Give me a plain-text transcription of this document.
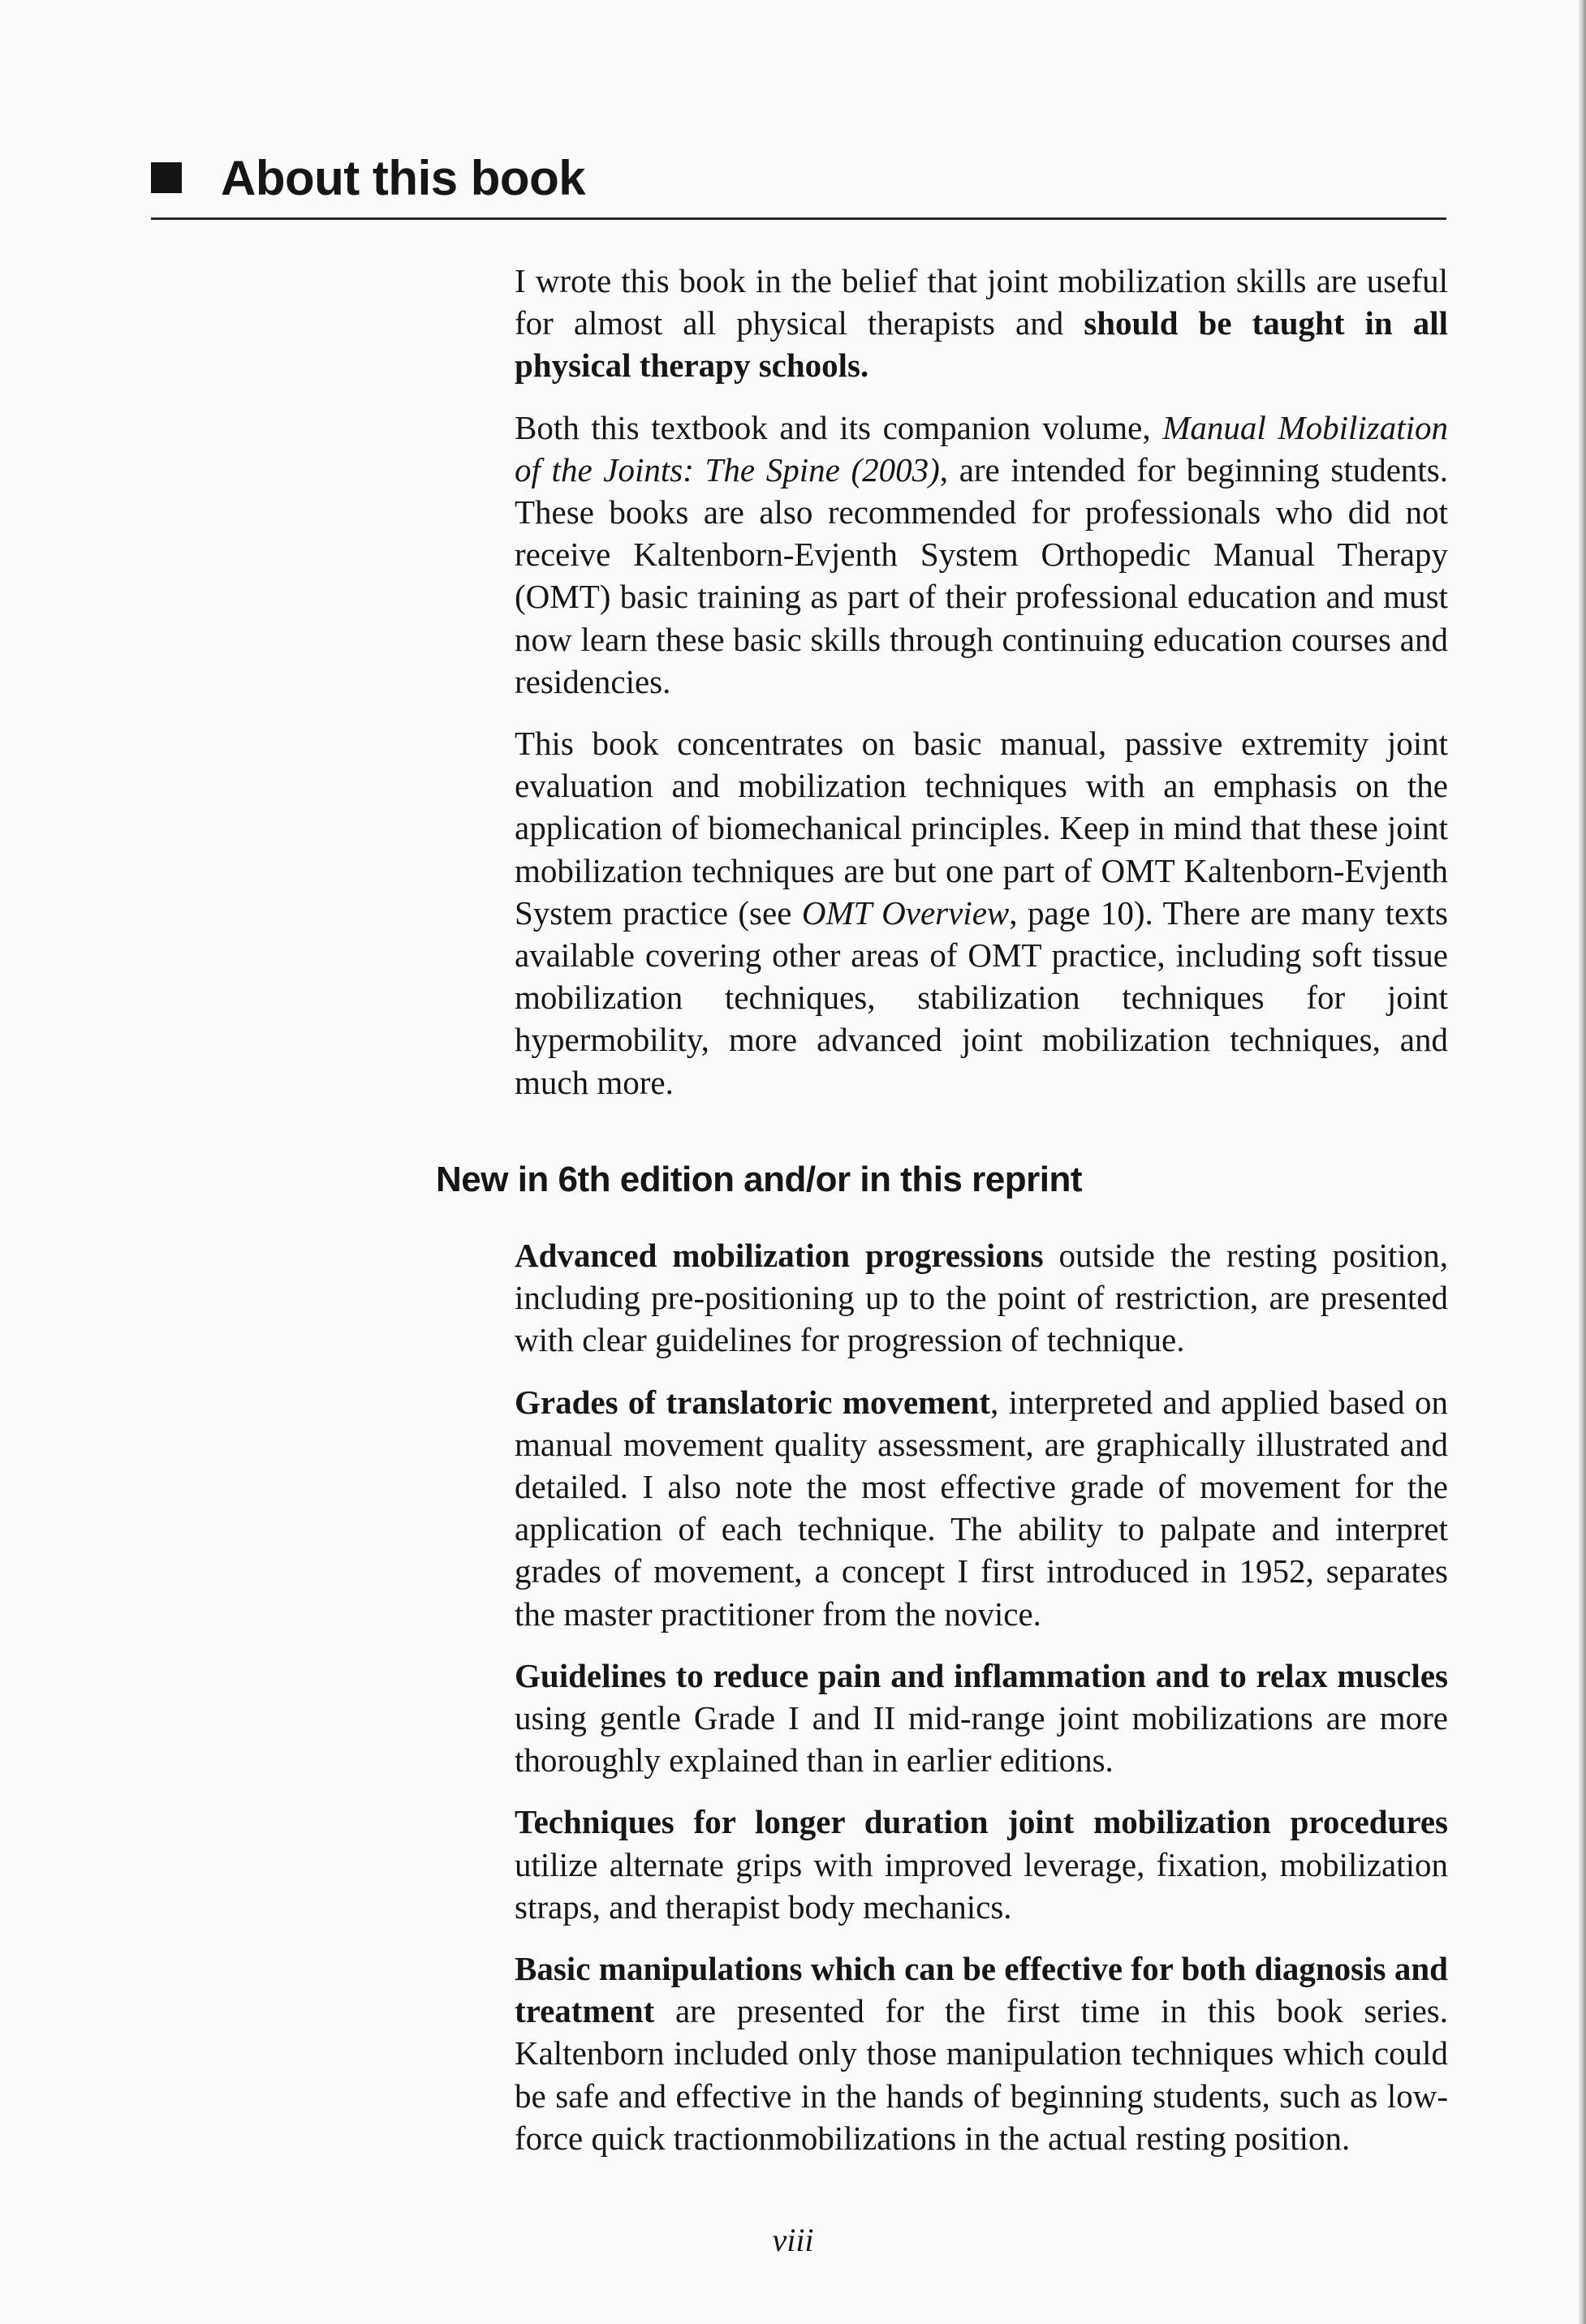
About this book

I wrote this book in the belief that joint mobilization skills are useful for almost all physical therapists and should be taught in all physical therapy schools.

Both this textbook and its companion volume, Manual Mobilization of the Joints: The Spine (2003), are intended for beginning students. These books are also recommended for professionals who did not receive Kaltenborn-Evjenth System Orthopedic Manual Therapy (OMT) basic training as part of their professional education and must now learn these basic skills through continuing education courses and residencies.

This book concentrates on basic manual, passive extremity joint evaluation and mobilization techniques with an emphasis on the application of biomechanical principles. Keep in mind that these joint mobilization techniques are but one part of OMT Kaltenborn-Evjenth System practice (see OMT Overview, page 10). There are many texts available covering other areas of OMT practice, including soft tissue mobilization techniques, stabilization techniques for joint hypermobility, more advanced joint mobilization techniques, and much more.

New in 6th edition and/or in this reprint

Advanced mobilization progressions outside the resting position, including pre-positioning up to the point of restriction, are presented with clear guidelines for progression of technique.

Grades of translatoric movement, interpreted and applied based on manual movement quality assessment, are graphically illustrated and detailed. I also note the most effective grade of movement for the application of each technique. The ability to palpate and interpret grades of movement, a concept I first introduced in 1952, separates the master practitioner from the novice.

Guidelines to reduce pain and inflammation and to relax muscles using gentle Grade I and II mid-range joint mobilizations are more thoroughly explained than in earlier editions.

Techniques for longer duration joint mobilization procedures utilize alternate grips with improved leverage, fixation, mobilization straps, and therapist body mechanics.

Basic manipulations which can be effective for both diagnosis and treatment are presented for the first time in this book series. Kaltenborn included only those manipulation techniques which could be safe and effective in the hands of beginning students, such as low-force quick tractionmobilizations in the actual resting position.

viii
